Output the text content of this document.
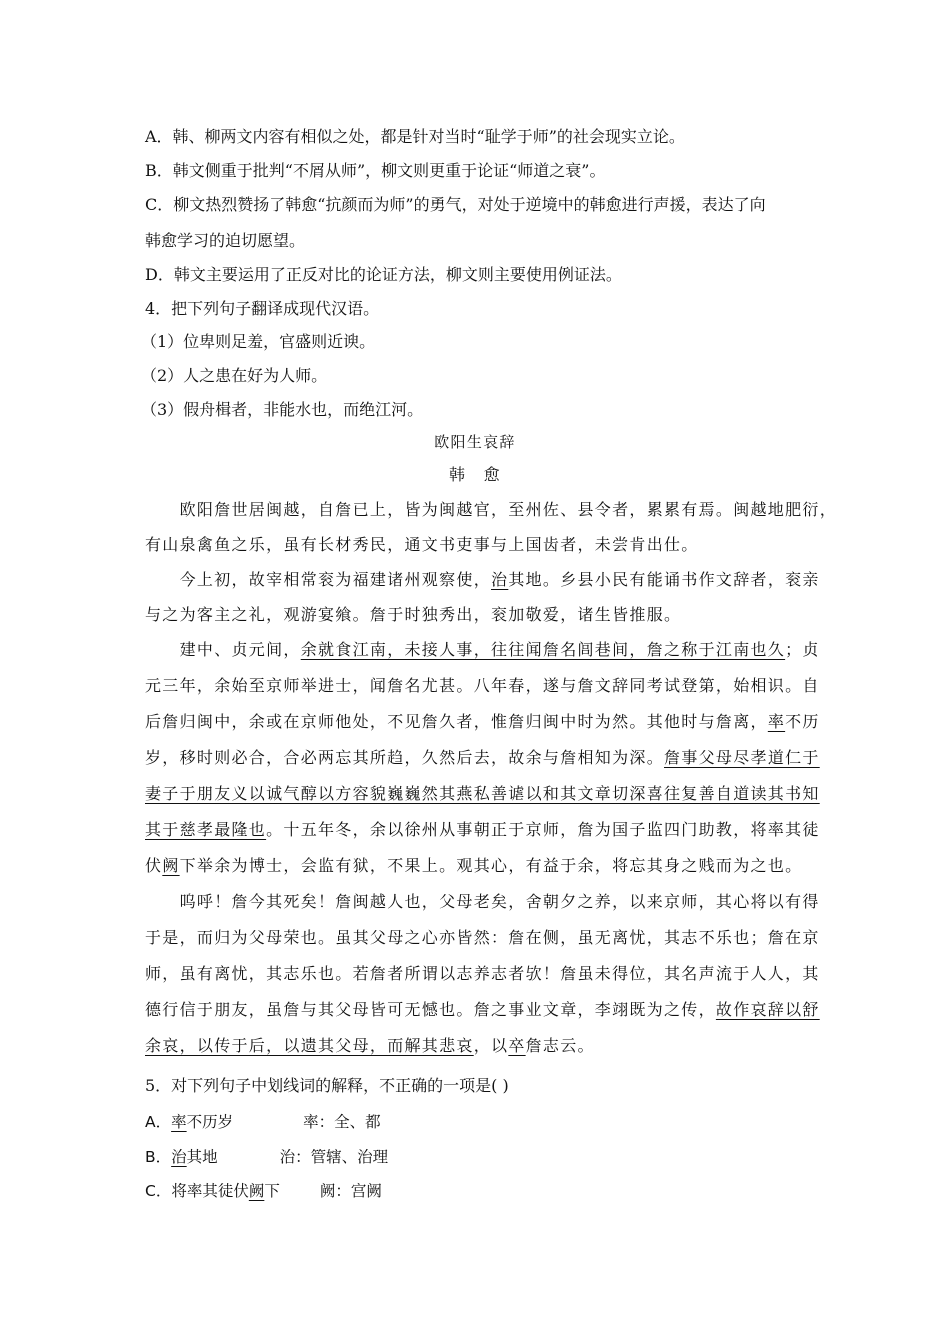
A．韩、柳两文内容有相似之处，都是针对当时“耻学于师”的社会现实立论。
B．韩文侧重于批判“不屑从师”，柳文则更重于论证“师道之衰”。
C．柳文热烈赞扬了韩愈“抗颜而为师”的勇气，对处于逆境中的韩愈进行声援，表达了向
韩愈学习的迫切愿望。
D．韩文主要运用了正反对比的论证方法，柳文则主要使用例证法。
4．把下列句子翻译成现代汉语。
（1）位卑则足羞，官盛则近谀。
（2）人之患在好为人师。
（3）假舟楫者，非能水也，而绝江河。
欧阳生哀辞
韩　愈
　　欧阳詹世居闽越，自詹已上，皆为闽越官，至州佐、县令者，累累有焉。闽越地肥衍，
有山泉禽鱼之乐，虽有长材秀民，通文书吏事与上国齿者，未尝肯出仕。
　　今上初，故宰相常衮为福建诸州观察使，治其地。乡县小民有能诵书作文辞者，衮亲
与之为客主之礼，观游宴飨。詹于时独秀出，衮加敬爱，诸生皆推服。
　　建中、贞元间，余就食江南，未接人事，往往闻詹名闾巷间，詹之称于江南也久；贞
元三年，余始至京师举进士，闻詹名尤甚。八年春，遂与詹文辞同考试登第，始相识。自
后詹归闽中，余或在京师他处，不见詹久者，惟詹归闽中时为然。其他时与詹离，率不历
岁，移时则必合，合必两忘其所趋，久然后去，故余与詹相知为深。詹事父母尽孝道仁于
妻子于朋友义以诚气醇以方容貌巍巍然其燕私善谑以和其文章切深喜往复善自道读其书知
其于慈孝最隆也。十五年冬，余以徐州从事朝正于京师，詹为国子监四门助教，将率其徒
伏阙下举余为博士，会监有狱，不果上。观其心，有益于余，将忘其身之贱而为之也。
　　呜呼！詹今其死矣！詹闽越人也，父母老矣，舍朝夕之养，以来京师，其心将以有得
于是，而归为父母荣也。虽其父母之心亦皆然：詹在侧，虽无离忧，其志不乐也；詹在京
师，虽有离忧，其志乐也。若詹者所谓以志养志者欤！詹虽未得位，其名声流于人人，其
德行信于朋友，虽詹与其父母皆可无憾也。詹之事业文章，李翊既为之传，故作哀辞以舒
余哀，以传于后，以遗其父母，而解其悲哀，以卒詹志云。
5．对下列句子中划线词的解释，不正确的一项是( )
A．率不历岁	率：全、都
B．治其地	治：管辖、治理
C．将率其徒伏阙下	阙：宫阙
